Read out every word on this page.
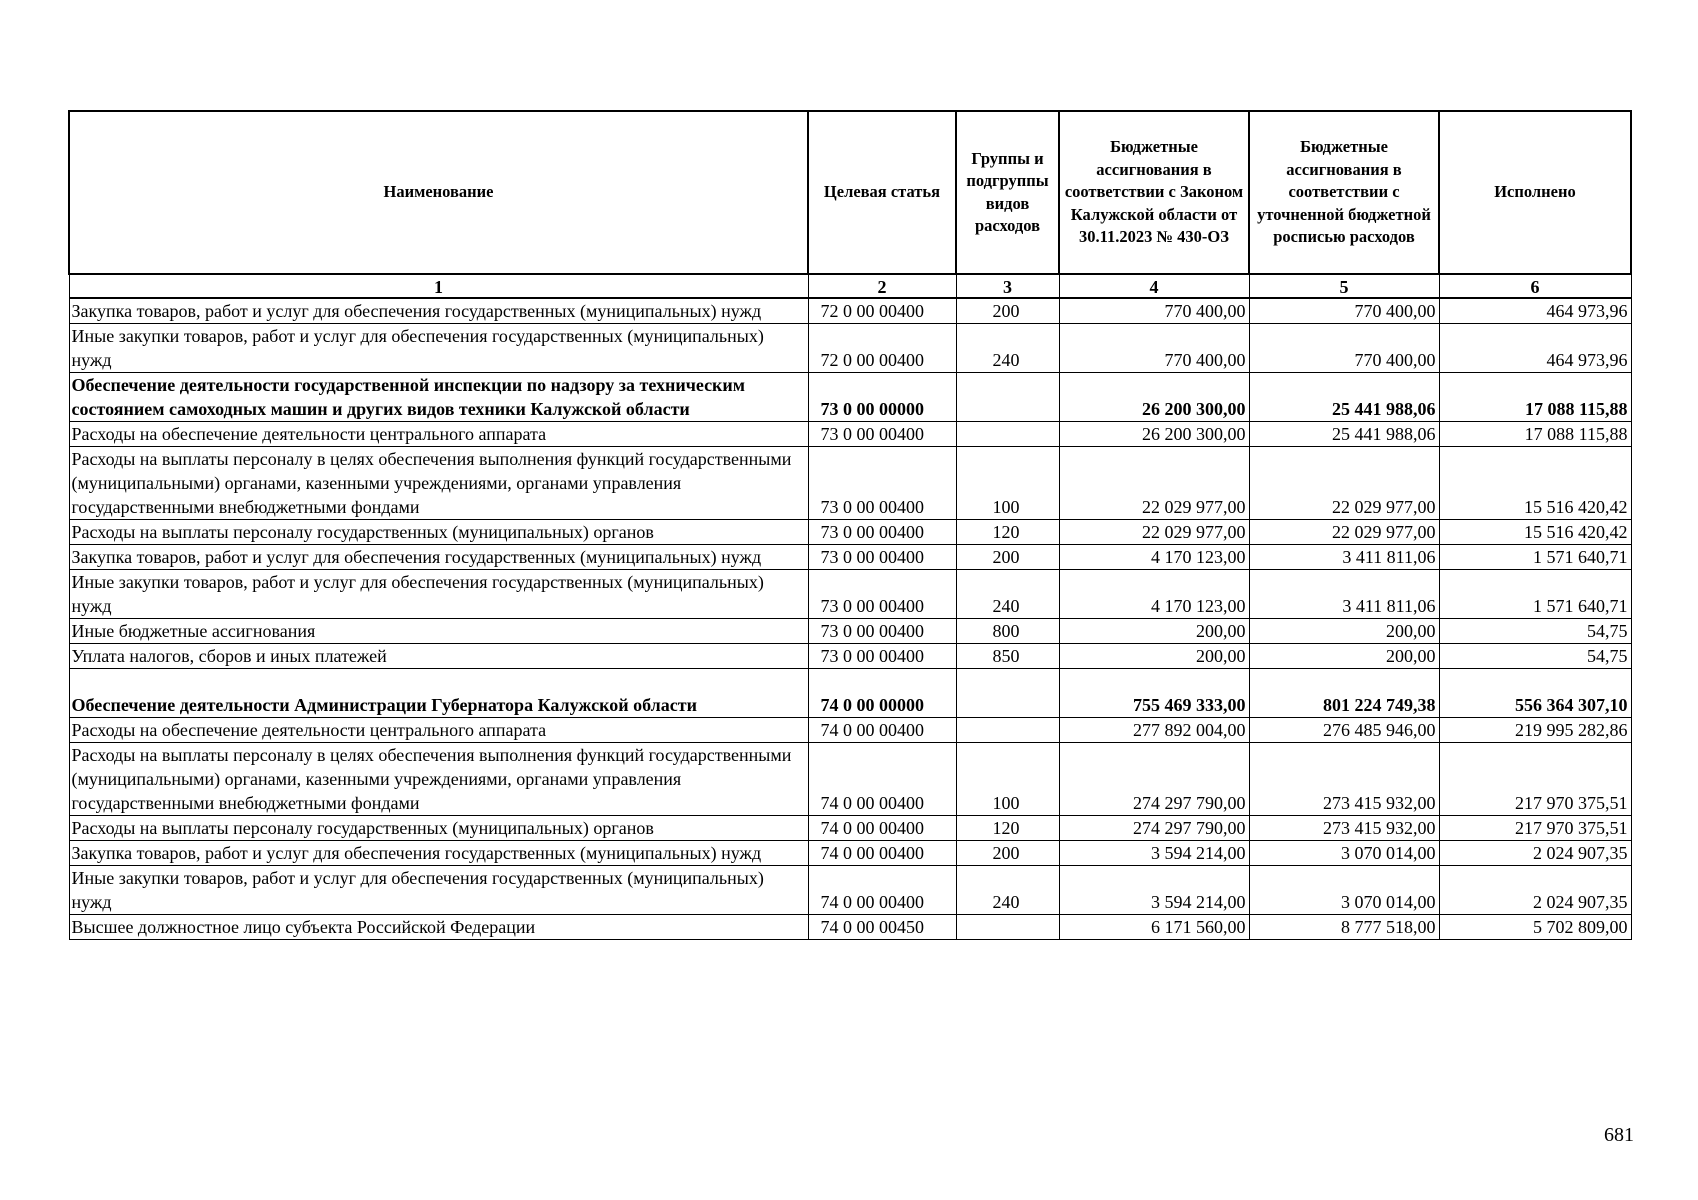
Наименование	Целевая статья	Группы и подгруппы видов расходов	Бюджетные ассигнования в соответствии с Законом Калужской области от 30.11.2023 № 430-ОЗ	Бюджетные ассигнования в соответствии с уточненной бюджетной росписью расходов	Исполнено
1	2	3	4	5	6
Закупка товаров, работ и услуг для обеспечения государственных (муниципальных) нужд	72 0 00 00400	200	770 400,00	770 400,00	464 973,96
Иные закупки товаров, работ и услуг для обеспечения государственных (муниципальных) нужд	72 0 00 00400	240	770 400,00	770 400,00	464 973,96
Обеспечение деятельности государственной инспекции по надзору за техническим состоянием самоходных машин и других видов техники Калужской области	73 0 00 00000		26 200 300,00	25 441 988,06	17 088 115,88
Расходы на обеспечение деятельности центрального аппарата	73 0 00 00400		26 200 300,00	25 441 988,06	17 088 115,88
Расходы на выплаты персоналу в целях обеспечения выполнения функций государственными (муниципальными) органами, казенными учреждениями, органами управления государственными внебюджетными фондами	73 0 00 00400	100	22 029 977,00	22 029 977,00	15 516 420,42
Расходы на выплаты персоналу государственных (муниципальных) органов	73 0 00 00400	120	22 029 977,00	22 029 977,00	15 516 420,42
Закупка товаров, работ и услуг для обеспечения государственных (муниципальных) нужд	73 0 00 00400	200	4 170 123,00	3 411 811,06	1 571 640,71
Иные закупки товаров, работ и услуг для обеспечения государственных (муниципальных) нужд	73 0 00 00400	240	4 170 123,00	3 411 811,06	1 571 640,71
Иные бюджетные ассигнования	73 0 00 00400	800	200,00	200,00	54,75
Уплата налогов, сборов и иных платежей	73 0 00 00400	850	200,00	200,00	54,75
Обеспечение деятельности Администрации Губернатора Калужской области	74 0 00 00000		755 469 333,00	801 224 749,38	556 364 307,10
Расходы на обеспечение деятельности центрального аппарата	74 0 00 00400		277 892 004,00	276 485 946,00	219 995 282,86
Расходы на выплаты персоналу в целях обеспечения выполнения функций государственными (муниципальными) органами, казенными учреждениями, органами управления государственными внебюджетными фондами	74 0 00 00400	100	274 297 790,00	273 415 932,00	217 970 375,51
Расходы на выплаты персоналу государственных (муниципальных) органов	74 0 00 00400	120	274 297 790,00	273 415 932,00	217 970 375,51
Закупка товаров, работ и услуг для обеспечения государственных (муниципальных) нужд	74 0 00 00400	200	3 594 214,00	3 070 014,00	2 024 907,35
Иные закупки товаров, работ и услуг для обеспечения государственных (муниципальных) нужд	74 0 00 00400	240	3 594 214,00	3 070 014,00	2 024 907,35
Высшее должностное лицо субъекта Российской Федерации	74 0 00 00450		6 171 560,00	8 777 518,00	5 702 809,00
681
